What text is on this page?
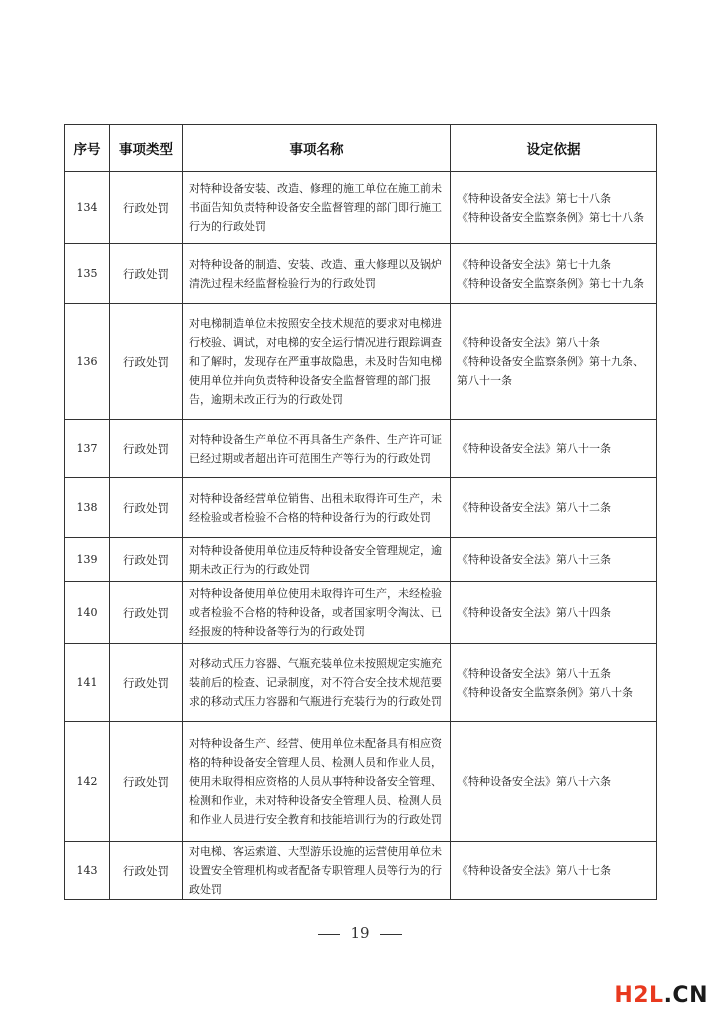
序号	事项类型	事项名称	设定依据
134	行政处罚	对特种设备安装、改造、修理的施工单位在施工前未书面告知负责特种设备安全监督管理的部门即行施工行为的行政处罚	《特种设备安全法》第七十八条
《特种设备安全监察条例》第七十八条

135	行政处罚	对特种设备的制造、安装、改造、重大修理以及锅炉清洗过程未经监督检验行为的行政处罚	《特种设备安全法》第七十九条
《特种设备安全监察条例》第七十九条

136	行政处罚	对电梯制造单位未按照安全技术规范的要求对电梯进行校验、调试，对电梯的安全运行情况进行跟踪调查和了解时，发现存在严重事故隐患，未及时告知电梯使用单位并向负责特种设备安全监督管理的部门报告，逾期未改正行为的行政处罚	《特种设备安全法》第八十条
《特种设备安全监察条例》第十九条、第八十一条

137	行政处罚	对特种设备生产单位不再具备生产条件、生产许可证已经过期或者超出许可范围生产等行为的行政处罚	《特种设备安全法》第八十一条

138	行政处罚	对特种设备经营单位销售、出租未取得许可生产，未经检验或者检验不合格的特种设备行为的行政处罚	《特种设备安全法》第八十二条

139	行政处罚	对特种设备使用单位违反特种设备安全管理规定，逾期未改正行为的行政处罚	《特种设备安全法》第八十三条

140	行政处罚	对特种设备使用单位使用未取得许可生产，未经检验或者检验不合格的特种设备，或者国家明令淘汰、已经报废的特种设备等行为的行政处罚	《特种设备安全法》第八十四条

141	行政处罚	对移动式压力容器、气瓶充装单位未按照规定实施充装前后的检查、记录制度，对不符合安全技术规范要求的移动式压力容器和气瓶进行充装行为的行政处罚	《特种设备安全法》第八十五条
《特种设备安全监察条例》第八十条

142	行政处罚	对特种设备生产、经营、使用单位未配备具有相应资格的特种设备安全管理人员、检测人员和作业人员，使用未取得相应资格的人员从事特种设备安全管理、检测和作业，未对特种设备安全管理人员、检测人员和作业人员进行安全教育和技能培训行为的行政处罚	《特种设备安全法》第八十六条

143	行政处罚	对电梯、客运索道、大型游乐设施的运营使用单位未设置安全管理机构或者配备专职管理人员等行为的行政处罚	《特种设备安全法》第八十七条
19
H2L.CN
